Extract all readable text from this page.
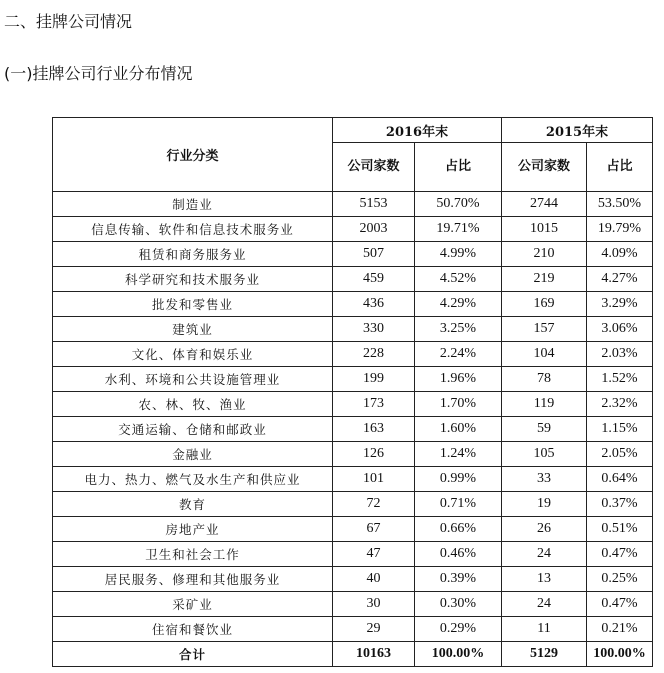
二、挂牌公司情况
(一)挂牌公司行业分布情况
行业分类	2016年末		2015年末	
	公司家数	占比	公司家数	占比
制造业	5153	50.70%	2744	53.50%
信息传输、软件和信息技术服务业	2003	19.71%	1015	19.79%
租赁和商务服务业	507	4.99%	210	4.09%
科学研究和技术服务业	459	4.52%	219	4.27%
批发和零售业	436	4.29%	169	3.29%
建筑业	330	3.25%	157	3.06%
文化、体育和娱乐业	228	2.24%	104	2.03%
水利、环境和公共设施管理业	199	1.96%	78	1.52%
农、林、牧、渔业	173	1.70%	119	2.32%
交通运输、仓储和邮政业	163	1.60%	59	1.15%
金融业	126	1.24%	105	2.05%
电力、热力、燃气及水生产和供应业	101	0.99%	33	0.64%
教育	72	0.71%	19	0.37%
房地产业	67	0.66%	26	0.51%
卫生和社会工作	47	0.46%	24	0.47%
居民服务、修理和其他服务业	40	0.39%	13	0.25%
采矿业	30	0.30%	24	0.47%
住宿和餐饮业	29	0.29%	11	0.21%
合计	10163	100.00%	5129	100.00%
